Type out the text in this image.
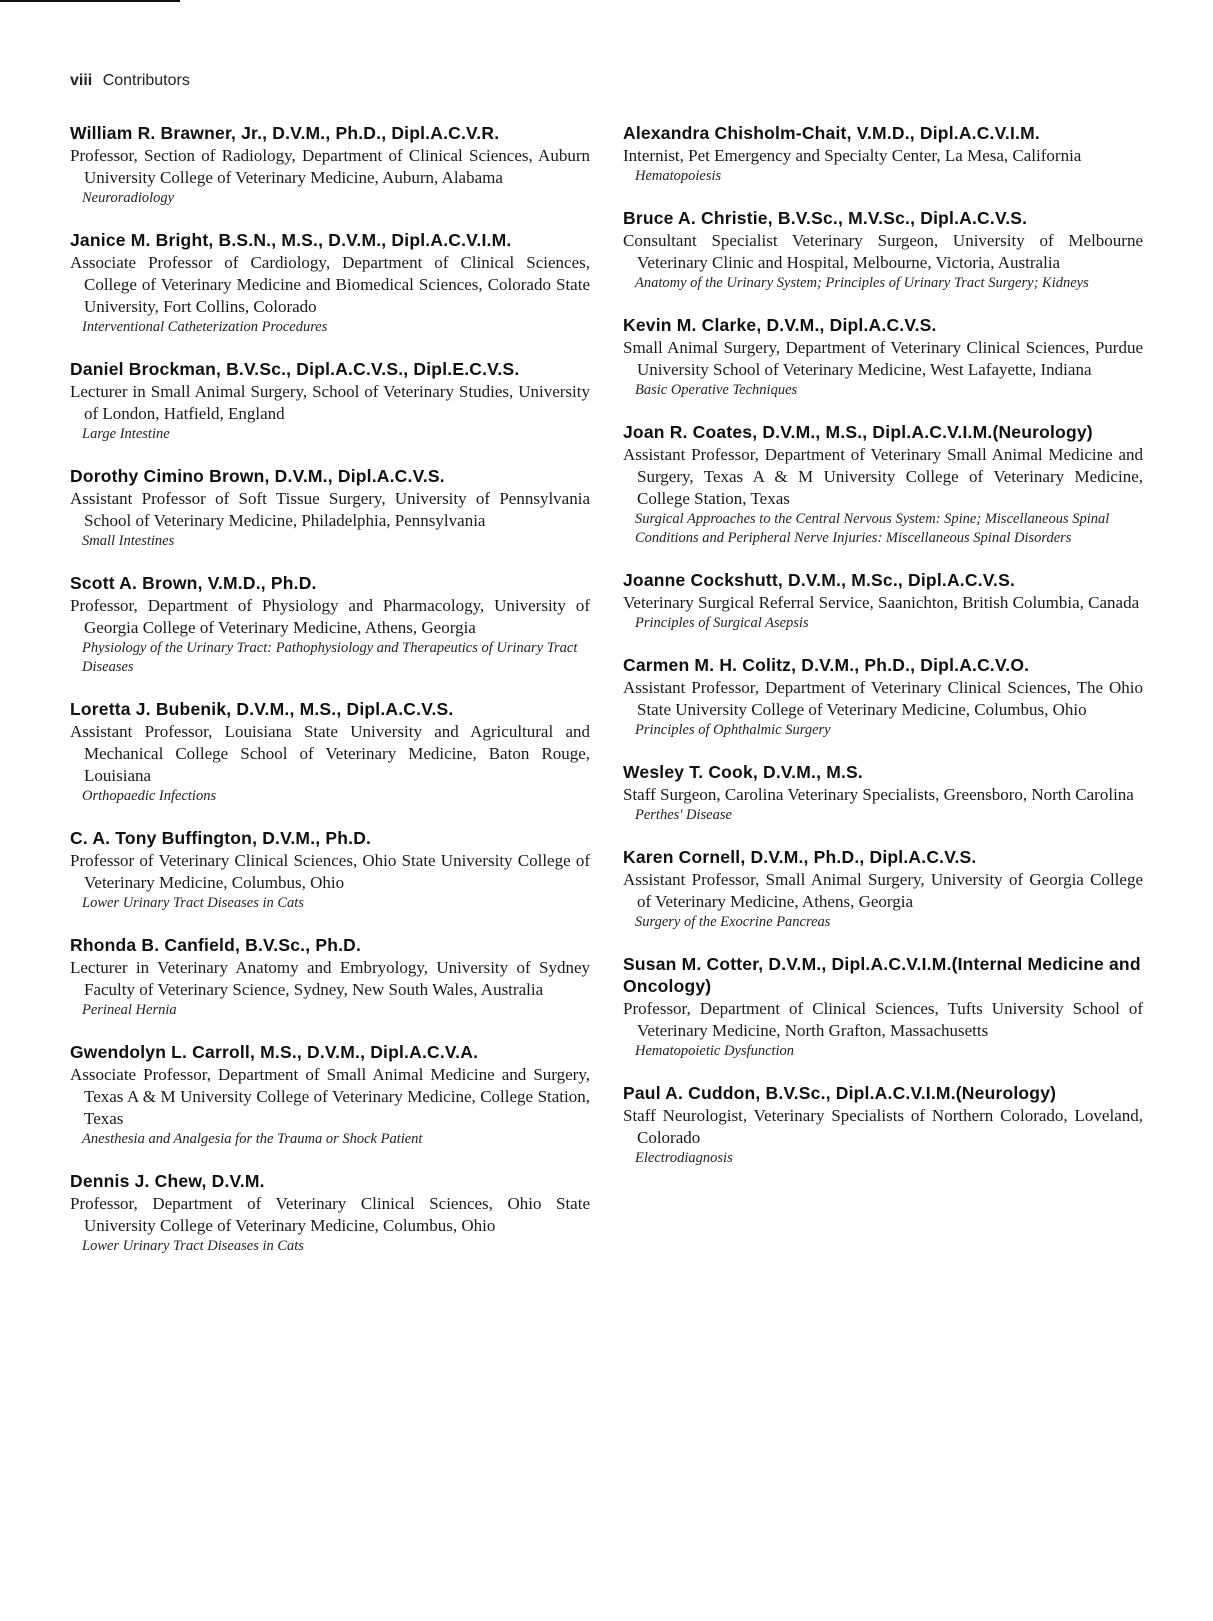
viii Contributors
William R. Brawner, Jr., D.V.M., Ph.D., Dipl.A.C.V.R.
Professor, Section of Radiology, Department of Clinical Sciences, Auburn University College of Veterinary Medicine, Auburn, Alabama
Neuroradiology
Janice M. Bright, B.S.N., M.S., D.V.M., Dipl.A.C.V.I.M.
Associate Professor of Cardiology, Department of Clinical Sciences, College of Veterinary Medicine and Biomedical Sciences, Colorado State University, Fort Collins, Colorado
Interventional Catheterization Procedures
Daniel Brockman, B.V.Sc., Dipl.A.C.V.S., Dipl.E.C.V.S.
Lecturer in Small Animal Surgery, School of Veterinary Studies, University of London, Hatfield, England
Large Intestine
Dorothy Cimino Brown, D.V.M., Dipl.A.C.V.S.
Assistant Professor of Soft Tissue Surgery, University of Pennsylvania School of Veterinary Medicine, Philadelphia, Pennsylvania
Small Intestines
Scott A. Brown, V.M.D., Ph.D.
Professor, Department of Physiology and Pharmacology, University of Georgia College of Veterinary Medicine, Athens, Georgia
Physiology of the Urinary Tract: Pathophysiology and Therapeutics of Urinary Tract Diseases
Loretta J. Bubenik, D.V.M., M.S., Dipl.A.C.V.S.
Assistant Professor, Louisiana State University and Agricultural and Mechanical College School of Veterinary Medicine, Baton Rouge, Louisiana
Orthopaedic Infections
C. A. Tony Buffington, D.V.M., Ph.D.
Professor of Veterinary Clinical Sciences, Ohio State University College of Veterinary Medicine, Columbus, Ohio
Lower Urinary Tract Diseases in Cats
Rhonda B. Canfield, B.V.Sc., Ph.D.
Lecturer in Veterinary Anatomy and Embryology, University of Sydney Faculty of Veterinary Science, Sydney, New South Wales, Australia
Perineal Hernia
Gwendolyn L. Carroll, M.S., D.V.M., Dipl.A.C.V.A.
Associate Professor, Department of Small Animal Medicine and Surgery, Texas A & M University College of Veterinary Medicine, College Station, Texas
Anesthesia and Analgesia for the Trauma or Shock Patient
Dennis J. Chew, D.V.M.
Professor, Department of Veterinary Clinical Sciences, Ohio State University College of Veterinary Medicine, Columbus, Ohio
Lower Urinary Tract Diseases in Cats
Alexandra Chisholm-Chait, V.M.D., Dipl.A.C.V.I.M.
Internist, Pet Emergency and Specialty Center, La Mesa, California
Hematopoiesis
Bruce A. Christie, B.V.Sc., M.V.Sc., Dipl.A.C.V.S.
Consultant Specialist Veterinary Surgeon, University of Melbourne Veterinary Clinic and Hospital, Melbourne, Victoria, Australia
Anatomy of the Urinary System; Principles of Urinary Tract Surgery; Kidneys
Kevin M. Clarke, D.V.M., Dipl.A.C.V.S.
Small Animal Surgery, Department of Veterinary Clinical Sciences, Purdue University School of Veterinary Medicine, West Lafayette, Indiana
Basic Operative Techniques
Joan R. Coates, D.V.M., M.S., Dipl.A.C.V.I.M.(Neurology)
Assistant Professor, Department of Veterinary Small Animal Medicine and Surgery, Texas A & M University College of Veterinary Medicine, College Station, Texas
Surgical Approaches to the Central Nervous System: Spine; Miscellaneous Spinal Conditions and Peripheral Nerve Injuries: Miscellaneous Spinal Disorders
Joanne Cockshutt, D.V.M., M.Sc., Dipl.A.C.V.S.
Veterinary Surgical Referral Service, Saanichton, British Columbia, Canada
Principles of Surgical Asepsis
Carmen M. H. Colitz, D.V.M., Ph.D., Dipl.A.C.V.O.
Assistant Professor, Department of Veterinary Clinical Sciences, The Ohio State University College of Veterinary Medicine, Columbus, Ohio
Principles of Ophthalmic Surgery
Wesley T. Cook, D.V.M., M.S.
Staff Surgeon, Carolina Veterinary Specialists, Greensboro, North Carolina
Perthes' Disease
Karen Cornell, D.V.M., Ph.D., Dipl.A.C.V.S.
Assistant Professor, Small Animal Surgery, University of Georgia College of Veterinary Medicine, Athens, Georgia
Surgery of the Exocrine Pancreas
Susan M. Cotter, D.V.M., Dipl.A.C.V.I.M.(Internal Medicine and Oncology)
Professor, Department of Clinical Sciences, Tufts University School of Veterinary Medicine, North Grafton, Massachusetts
Hematopoietic Dysfunction
Paul A. Cuddon, B.V.Sc., Dipl.A.C.V.I.M.(Neurology)
Staff Neurologist, Veterinary Specialists of Northern Colorado, Loveland, Colorado
Electrodiagnosis
